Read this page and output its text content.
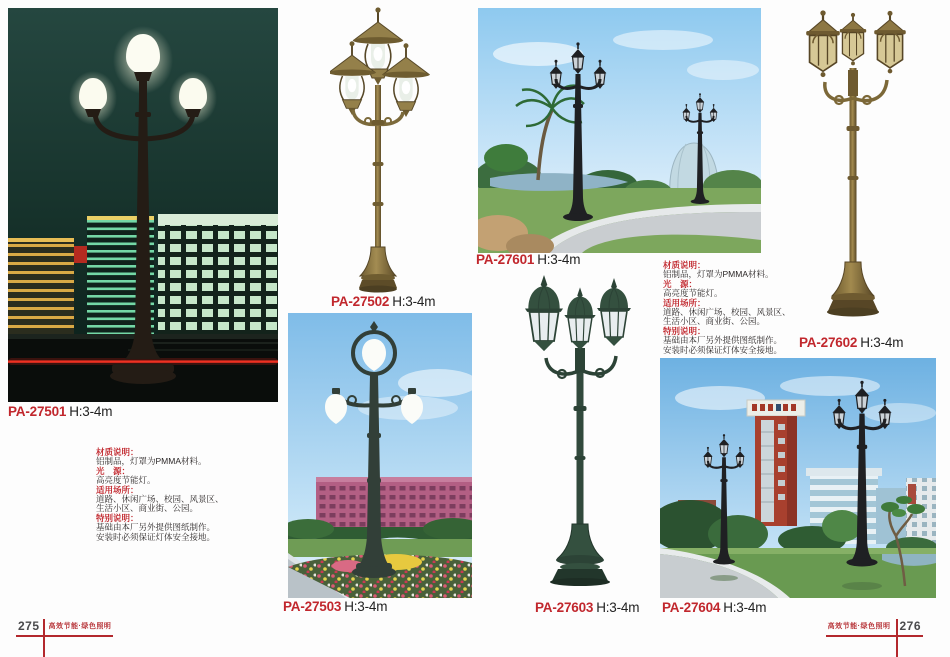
PA-27501 H:3-4m
PA-27502 H:3-4m
PA-27503 H:3-4m
PA-27601 H:3-4m
PA-27602 H:3-4m
PA-27603 H:3-4m PA-27604 H:3-4m

材质说明：

铝制品，灯罩为PMMA材料。

光　源：

高亮度节能灯。

适用场所：

道路、休闲广场、校园、风景区、

生活小区、商业街、公园。

特别说明：

基础由本厂另外提供图纸制作。

安装时必须保证灯体安全接地。

材质说明：

铝制品，灯罩为PMMA材料。

光　源：

高亮度节能灯。

适用场所：

道路、休闲广场、校园、风景区、

生活小区、商业街、公园。

特别说明：

基础由本厂另外提供图纸制作。

安装时必须保证灯体安全接地。

275 高效节能·绿色照明	高效节能·绿色照明 276
